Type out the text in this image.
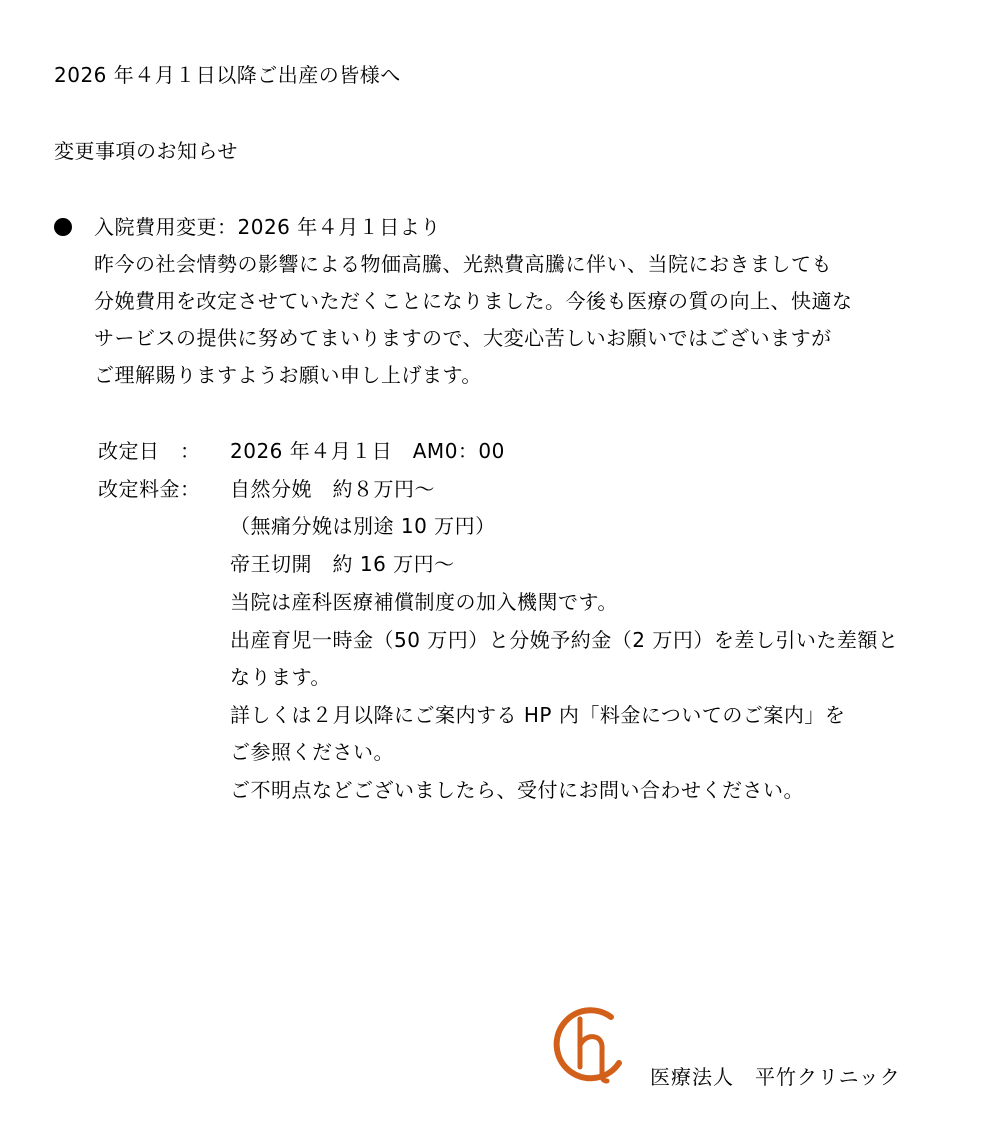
2026 年４月１日以降ご出産の皆様へ
変更事項のお知らせ
入院費用変更：2026 年４月１日より
昨今の社会情勢の影響による物価高騰、光熱費高騰に伴い、当院におきましても
分娩費用を改定させていただくことになりました。今後も医療の質の向上、快適な
サービスの提供に努めてまいりますので、大変心苦しいお願いではございますが
ご理解賜りますようお願い申し上げます。
改定日　： 2026 年４月１日　AM0：00
改定料金： 自然分娩　約８万円～
（無痛分娩は別途 10 万円）
帝王切開　約 16 万円～
当院は産科医療補償制度の加入機関です。
出産育児一時金（50 万円）と分娩予約金（2 万円）を差し引いた差額と
なります。
詳しくは２月以降にご案内する HP 内「料金についてのご案内」を
ご参照ください。
ご不明点などございましたら、受付にお問い合わせください。
医療法人　平竹クリニック
